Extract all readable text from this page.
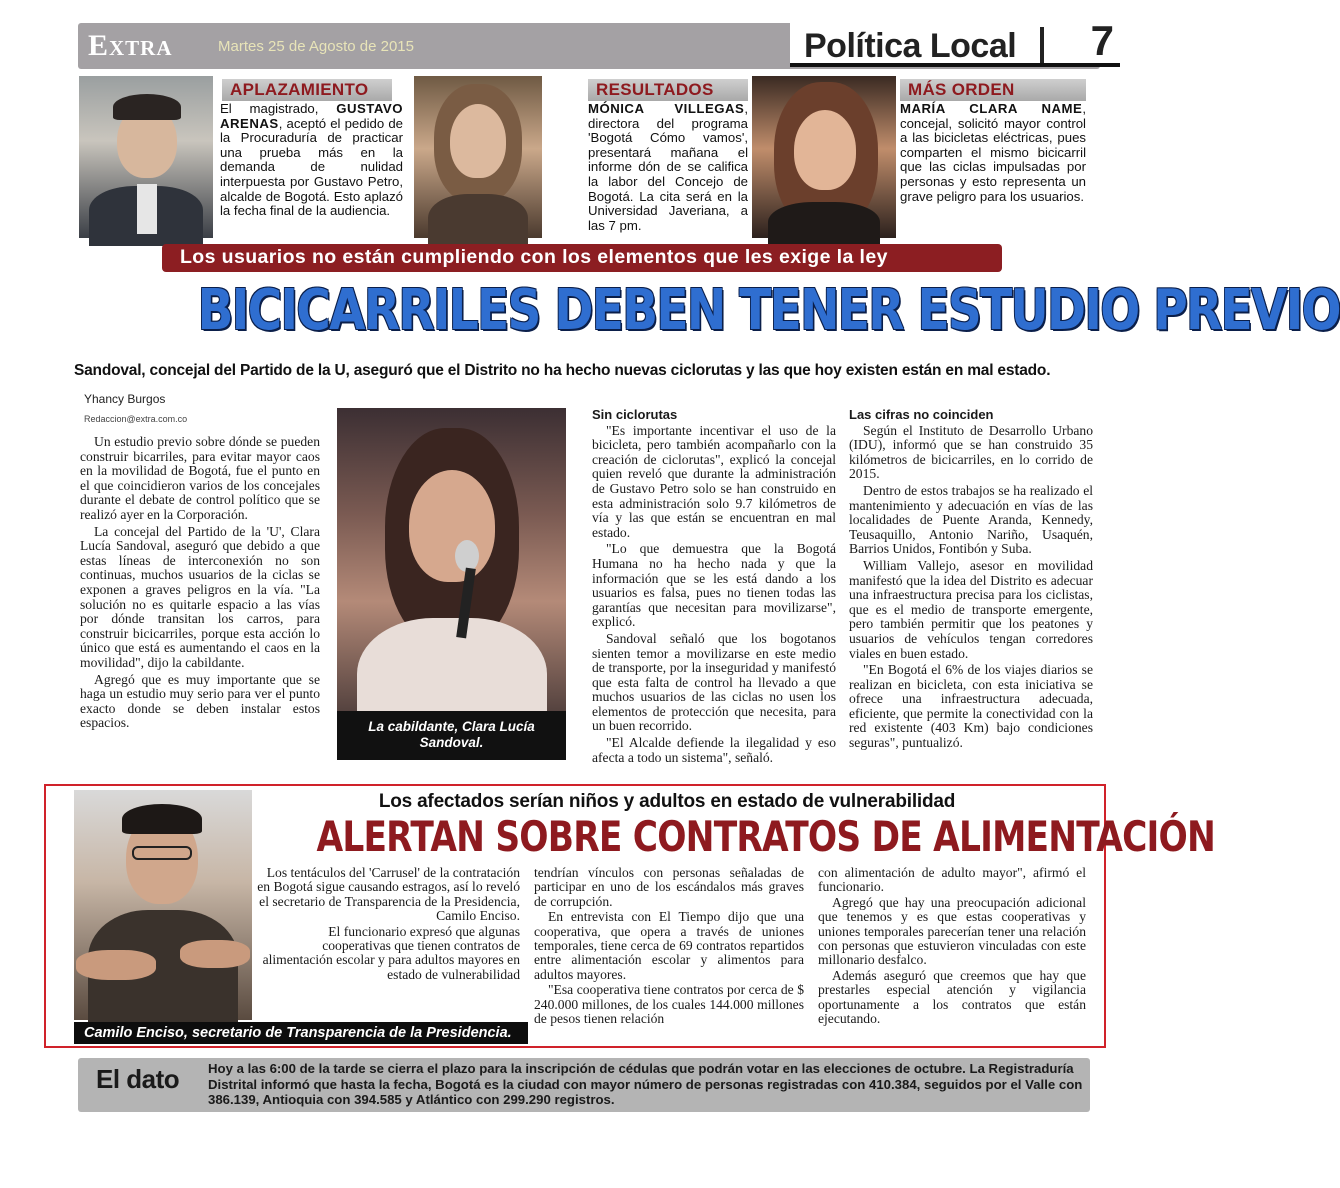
Extra	Martes 25 de Agosto de 2015	Política Local 7
APLAZAMIENTO
El magistrado, GUSTAVO ARENAS, aceptó el pedido de la Procuraduría de practicar una prueba más en la demanda de nulidad interpuesta por Gustavo Petro, alcalde de Bogotá. Esto aplazó la fecha final de la audiencia.
RESULTADOS
MÓNICA VILLEGAS, directora del programa 'Bogotá Cómo vamos', presentará mañana el informe dón de se califica la labor del Concejo de Bogotá. La cita será en la Universidad Javeriana, a las 7 pm.
MÁS ORDEN
MARÍA CLARA NAME, concejal, solicitó mayor control a las bicicletas eléctricas, pues comparten el mismo bicicarril que las ciclas impulsadas por personas y esto representa un grave peligro para los usuarios.
Los usuarios no están cumpliendo con los elementos que les exige la ley
BICICARRILES DEBEN TENER ESTUDIO PREVIO
Sandoval, concejal del Partido de la U, aseguró que el Distrito no ha hecho nuevas ciclorutas y las que hoy existen están en mal estado.
Yhancy Burgos
Redaccion@extra.com.co

Un estudio previo sobre dónde se pueden construir bicarriles, para evitar mayor caos en la movilidad de Bogotá, fue el punto en el que coincidieron varios de los concejales durante el debate de control político que se realizó ayer en la Corporación.

La concejal del Partido de la 'U', Clara Lucía Sandoval, aseguró que debido a que estas líneas de interconexión no son continuas, muchos usuarios de la ciclas se exponen a graves peligros en la vía. "La solución no es quitarle espacio a las vías por dónde transitan los carros, para construir bicicarriles, porque esta acción lo único que está es aumentando el caos en la movilidad", dijo la cabildante.

Agregó que es muy importante que se haga un estudio muy serio para ver el punto exacto donde se deben instalar estos espacios.	La cabildante, Clara Lucía Sandoval.
Sin ciclorutas

"Es importante incentivar el uso de la bicicleta, pero también acompañarlo con la creación de ciclorutas", explicó la concejal quien reveló que durante la administración de Gustavo Petro solo se han construido en esta administración solo 9.7 kilómetros de vía y las que están se encuentran en mal estado.

"Lo que demuestra que la Bogotá Humana no ha hecho nada y que la información que se les está dando a los usuarios es falsa, pues no tienen todas las garantías que necesitan para movilizarse", explicó.

Sandoval señaló que los bogotanos sienten temor a movilizarse en este medio de transporte, por la inseguridad y manifestó que esta falta de control ha llevado a que muchos usuarios de las ciclas no usen los elementos de protección que necesita, para un buen recorrido.

"El Alcalde defiende la ilegalidad y eso afecta a todo un sistema", señaló.

Las cifras no coinciden

Según el Instituto de Desarrollo Urbano (IDU), informó que se han construido 35 kilómetros de bicicarriles, en lo corrido de 2015.

Dentro de estos trabajos se ha realizado el mantenimiento y adecuación en vías de las localidades de Puente Aranda, Kennedy, Teusaquillo, Antonio Nariño, Usaquén, Barrios Unidos, Fontibón y Suba.

William Vallejo, asesor en movilidad manifestó que la idea del Distrito es adecuar una infraestructura precisa para los ciclistas, que es el medio de transporte emergente, pero también permitir que los peatones y usuarios de vehículos tengan corredores viales en buen estado.

"En Bogotá el 6% de los viajes diarios se realizan en bicicleta, con esta iniciativa se ofrece una infraestructura adecuada, eficiente, que permite la conectividad con la red existente (403 Km) bajo condiciones seguras", puntualizó.

Camilo Enciso, secretario de Transparencia de la Presidencia.
Los afectados serían niños y adultos en estado de vulnerabilidad
ALERTAN SOBRE CONTRATOS DE ALIMENTACIÓN

Los tentáculos del 'Carrusel' de la contratación en Bogotá sigue causando estragos, así lo reveló el secretario de Transparencia de la Presidencia, Camilo Enciso.

El funcionario expresó que algunas cooperativas que tienen contratos de alimentación escolar y para adultos mayores en estado de vulnerabilidad

tendrían vínculos con personas señaladas de participar en uno de los escándalos más graves de corrupción.

En entrevista con El Tiempo dijo que una cooperativa, que opera a través de uniones temporales, tiene cerca de 69 contratos repartidos entre alimentación escolar y alimentos para adultos mayores.

"Esa cooperativa tiene contratos por cerca de $ 240.000 millones, de los cuales 144.000 millones de pesos tienen relación

con alimentación de adulto mayor", afirmó el funcionario.

Agregó que hay una preocupación adicional que tenemos y es que estas cooperativas y uniones temporales parecerían tener una relación con personas que estuvieron vinculadas con este millonario desfalco.

Además aseguró que creemos que hay que prestarles especial atención y vigilancia oportunamente a los contratos que están ejecutando.

El dato Hoy a las 6:00 de la tarde se cierra el plazo para la inscripción de cédulas que podrán votar en las elecciones de octubre. La Registraduría Distrital informó que hasta la fecha, Bogotá es la ciudad con mayor número de personas registradas con 410.384, seguidos por el Valle con 386.139, Antioquia con 394.585 y Atlántico con 299.290 registros.
